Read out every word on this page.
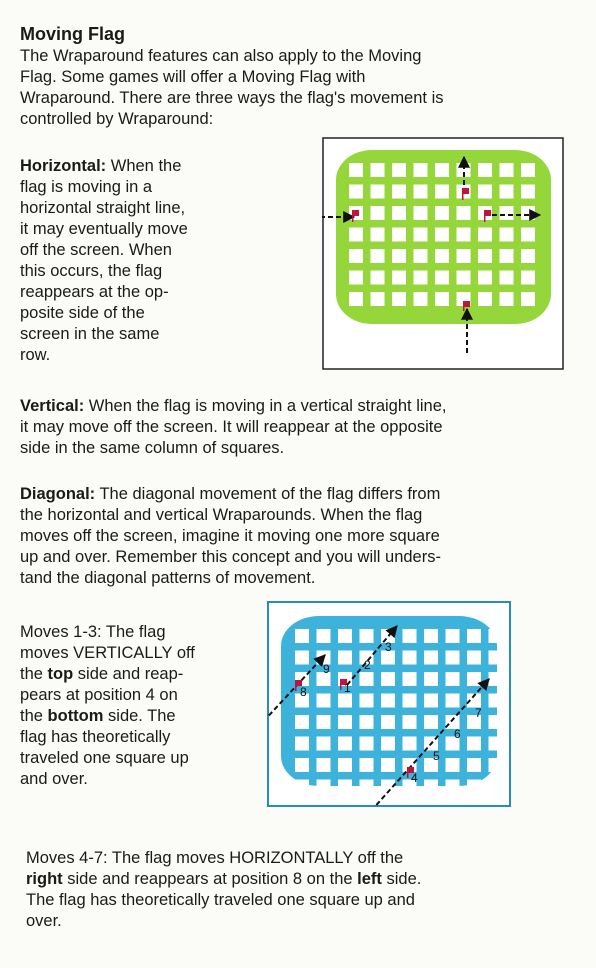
Moving Flag
The Wraparound features can also apply to the Moving
Flag. Some games will offer a Moving Flag with
Wraparound. There are three ways the flag's movement is
controlled by Wraparound:
Horizontal: When the
flag is moving in a
horizontal straight line,
it may eventually move
off the screen. When
this occurs, the flag
reappears at the op-
posite side of the
screen in the same
row.
Vertical: When the flag is moving in a vertical straight line,
it may move off the screen. It will reappear at the opposite
side in the same column of squares.
Diagonal: The diagonal movement of the flag differs from
the horizontal and vertical Wraparounds. When the flag
moves off the screen, imagine it moving one more square
up and over. Remember this concept and you will unders-
tand the diagonal patterns of movement.
Moves 1-3: The flag
moves VERTICALLY off
the top side and reap-
pears at position 4 on
the bottom side. The
flag has theoretically
traveled one square up
and over.
1
2
3
4
5
6
7
8
9
Moves 4-7: The flag moves HORIZONTALLY off the
right side and reappears at position 8 on the left side.
The flag has theoretically traveled one square up and
over.
